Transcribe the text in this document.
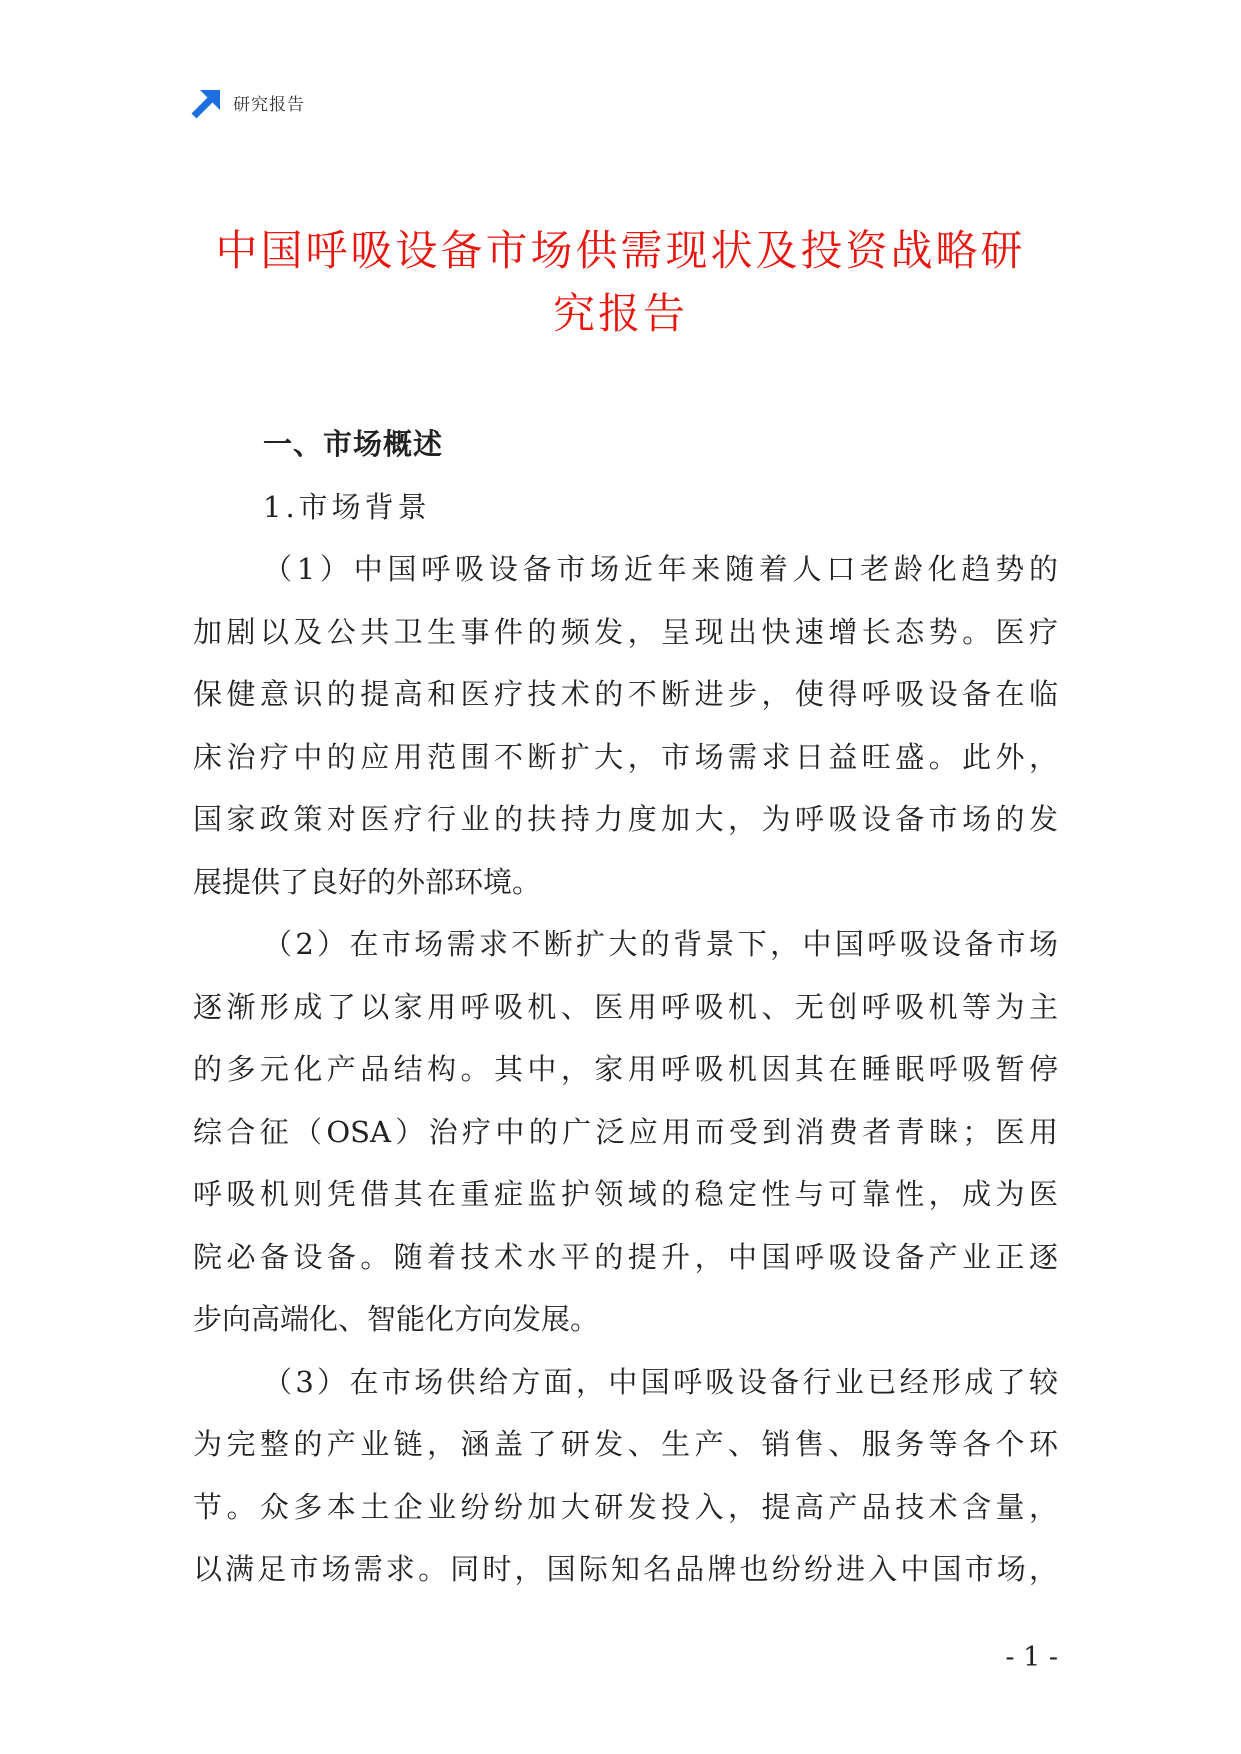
研究报告
中国呼吸设备市场供需现状及投资战略研
究报告
一、市场概述
1.市场背景
（1）中国呼吸设备市场近年来随着人口老龄化趋势的
加剧以及公共卫生事件的频发，呈现出快速增长态势。医疗
保健意识的提高和医疗技术的不断进步，使得呼吸设备在临
床治疗中的应用范围不断扩大，市场需求日益旺盛。此外，
国家政策对医疗行业的扶持力度加大，为呼吸设备市场的发
展提供了良好的外部环境。
（2）在市场需求不断扩大的背景下，中国呼吸设备市场
逐渐形成了以家用呼吸机、医用呼吸机、无创呼吸机等为主
的多元化产品结构。其中，家用呼吸机因其在睡眠呼吸暂停
综合征（OSA）治疗中的广泛应用而受到消费者青睐；医用
呼吸机则凭借其在重症监护领域的稳定性与可靠性，成为医
院必备设备。随着技术水平的提升，中国呼吸设备产业正逐
步向高端化、智能化方向发展。
（3）在市场供给方面，中国呼吸设备行业已经形成了较
为完整的产业链，涵盖了研发、生产、销售、服务等各个环
节。众多本土企业纷纷加大研发投入，提高产品技术含量，
以满足市场需求。同时，国际知名品牌也纷纷进入中国市场，
- 1 -
